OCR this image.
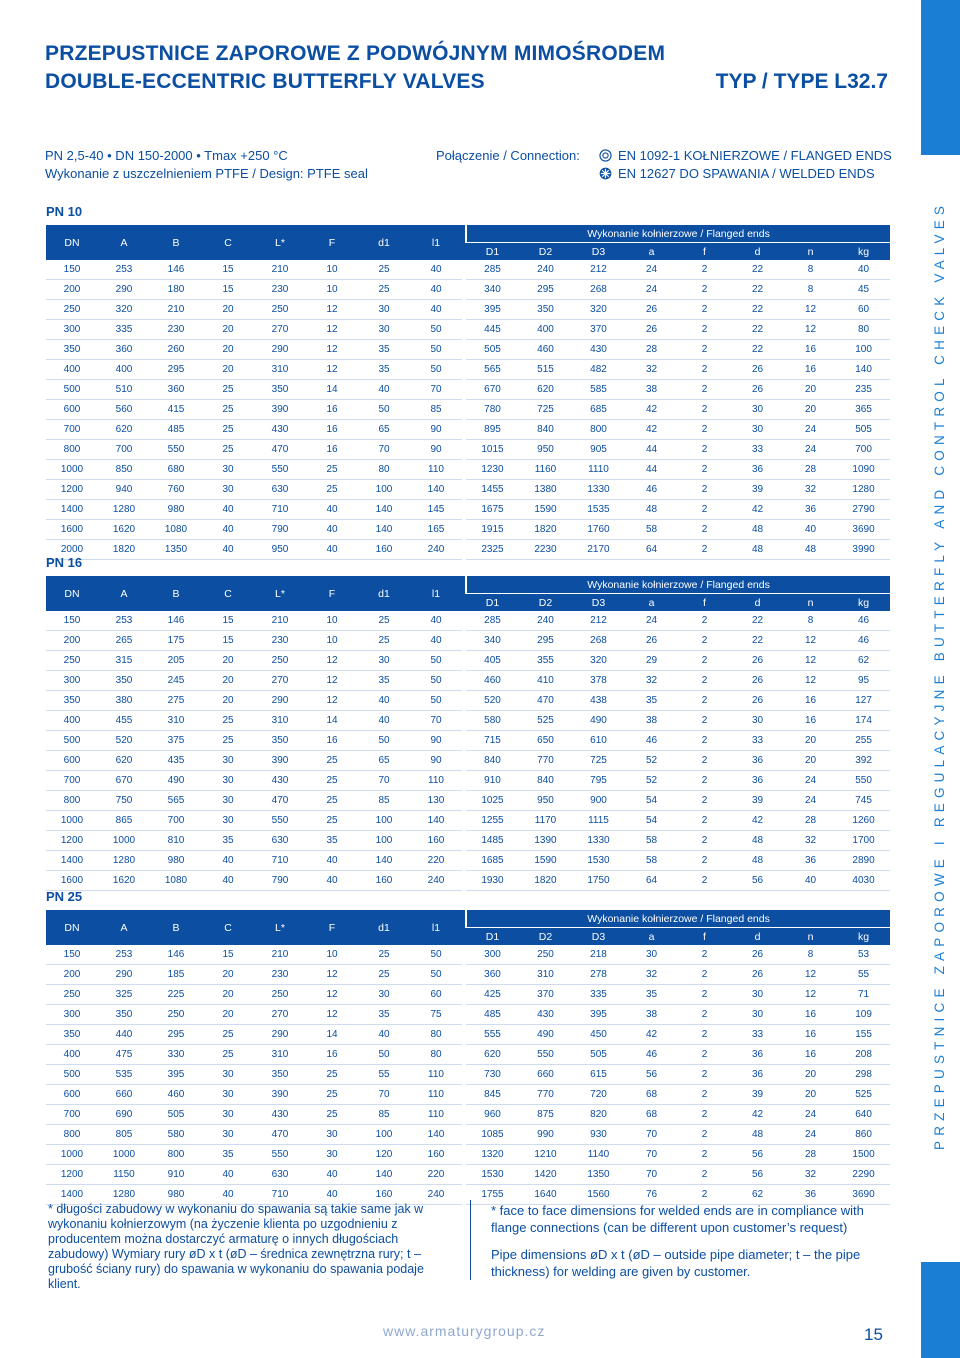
PRZEPUSTNICE ZAPOROWE Z PODWÓJNYM MIMOŚRODEM
DOUBLE-ECCENTRIC BUTTERFLY VALVES	TYP / TYPE L32.7
PN 2,5-40 • DN 150-2000 • Tmax +250 °C
Wykonanie z uszczelnieniem PTFE / Design: PTFE seal
Połączenie / Connection:	EN 1092-1 KOŁNIERZOWE / FLANGED ENDS
EN 12627 DO SPAWANIA / WELDED ENDS
PN 10
DN	A	B	C	L*	F	d1	l1		Wykonanie kołnierzowe / Flanged ends							
									D1	D2	D3	a	f	d	n	kg
150	253	146	15	210	10	25	40		285	240	212	24	2	22	8	40
200	290	180	15	230	10	25	40		340	295	268	24	2	22	8	45
250	320	210	20	250	12	30	40		395	350	320	26	2	22	12	60
300	335	230	20	270	12	30	50		445	400	370	26	2	22	12	80
350	360	260	20	290	12	35	50		505	460	430	28	2	22	16	100
400	400	295	20	310	12	35	50		565	515	482	32	2	26	16	140
500	510	360	25	350	14	40	70		670	620	585	38	2	26	20	235
600	560	415	25	390	16	50	85		780	725	685	42	2	30	20	365
700	620	485	25	430	16	65	90		895	840	800	42	2	30	24	505
800	700	550	25	470	16	70	90		1015	950	905	44	2	33	24	700
1000	850	680	30	550	25	80	110		1230	1160	1110	44	2	36	28	1090
1200	940	760	30	630	25	100	140		1455	1380	1330	46	2	39	32	1280
1400	1280	980	40	710	40	140	145		1675	1590	1535	48	2	42	36	2790
1600	1620	1080	40	790	40	140	165		1915	1820	1760	58	2	48	40	3690
2000	1820	1350	40	950	40	160	240		2325	2230	2170	64	2	48	48	3990
PN 16
DN	A	B	C	L*	F	d1	l1		Wykonanie kołnierzowe / Flanged ends							
									D1	D2	D3	a	f	d	n	kg
150	253	146	15	210	10	25	40		285	240	212	24	2	22	8	46
200	265	175	15	230	10	25	40		340	295	268	26	2	22	12	46
250	315	205	20	250	12	30	50		405	355	320	29	2	26	12	62
300	350	245	20	270	12	35	50		460	410	378	32	2	26	12	95
350	380	275	20	290	12	40	50		520	470	438	35	2	26	16	127
400	455	310	25	310	14	40	70		580	525	490	38	2	30	16	174
500	520	375	25	350	16	50	90		715	650	610	46	2	33	20	255
600	620	435	30	390	25	65	90		840	770	725	52	2	36	20	392
700	670	490	30	430	25	70	110		910	840	795	52	2	36	24	550
800	750	565	30	470	25	85	130		1025	950	900	54	2	39	24	745
1000	865	700	30	550	25	100	140		1255	1170	1115	54	2	42	28	1260
1200	1000	810	35	630	35	100	160		1485	1390	1330	58	2	48	32	1700
1400	1280	980	40	710	40	140	220		1685	1590	1530	58	2	48	36	2890
1600	1620	1080	40	790	40	160	240		1930	1820	1750	64	2	56	40	4030
PN 25
DN	A	B	C	L*	F	d1	l1		Wykonanie kołnierzowe / Flanged ends							
									D1	D2	D3	a	f	d	n	kg
150	253	146	15	210	10	25	50		300	250	218	30	2	26	8	53
200	290	185	20	230	12	25	50		360	310	278	32	2	26	12	55
250	325	225	20	250	12	30	60		425	370	335	35	2	30	12	71
300	350	250	20	270	12	35	75		485	430	395	38	2	30	16	109
350	440	295	25	290	14	40	80		555	490	450	42	2	33	16	155
400	475	330	25	310	16	50	80		620	550	505	46	2	36	16	208
500	535	395	30	350	25	55	110		730	660	615	56	2	36	20	298
600	660	460	30	390	25	70	110		845	770	720	68	2	39	20	525
700	690	505	30	430	25	85	110		960	875	820	68	2	42	24	640
800	805	580	30	470	30	100	140		1085	990	930	70	2	48	24	860
1000	1000	800	35	550	30	120	160		1320	1210	1140	70	2	56	28	1500
1200	1150	910	40	630	40	140	220		1530	1420	1350	70	2	56	32	2290
1400	1280	980	40	710	40	160	240		1755	1640	1560	76	2	62	36	3690
* długości zabudowy w wykonaniu do spawania są takie same jak w wykonaniu kołnierzowym (na życzenie klienta po uzgodnieniu z producentem można dostarczyć armaturę o innych długościach zabudowy) Wymiary rury øD x t (øD – średnica zewnętrzna rury; t – grubość ściany rury) do spawania w wykonaniu do spawania podaje klient.
* face to face dimensions for welded ends are in compliance with flange connections (can be different upon customer’s request)
Pipe dimensions øD x t (øD – outside pipe diameter; t – the pipe thickness) for welding are given by customer.
www.armaturygroup.cz	15
PRZEPUSTNICE ZAPOROWE I REGULACYJNE BUTTERFLY AND CONTROL CHECK VALVES
